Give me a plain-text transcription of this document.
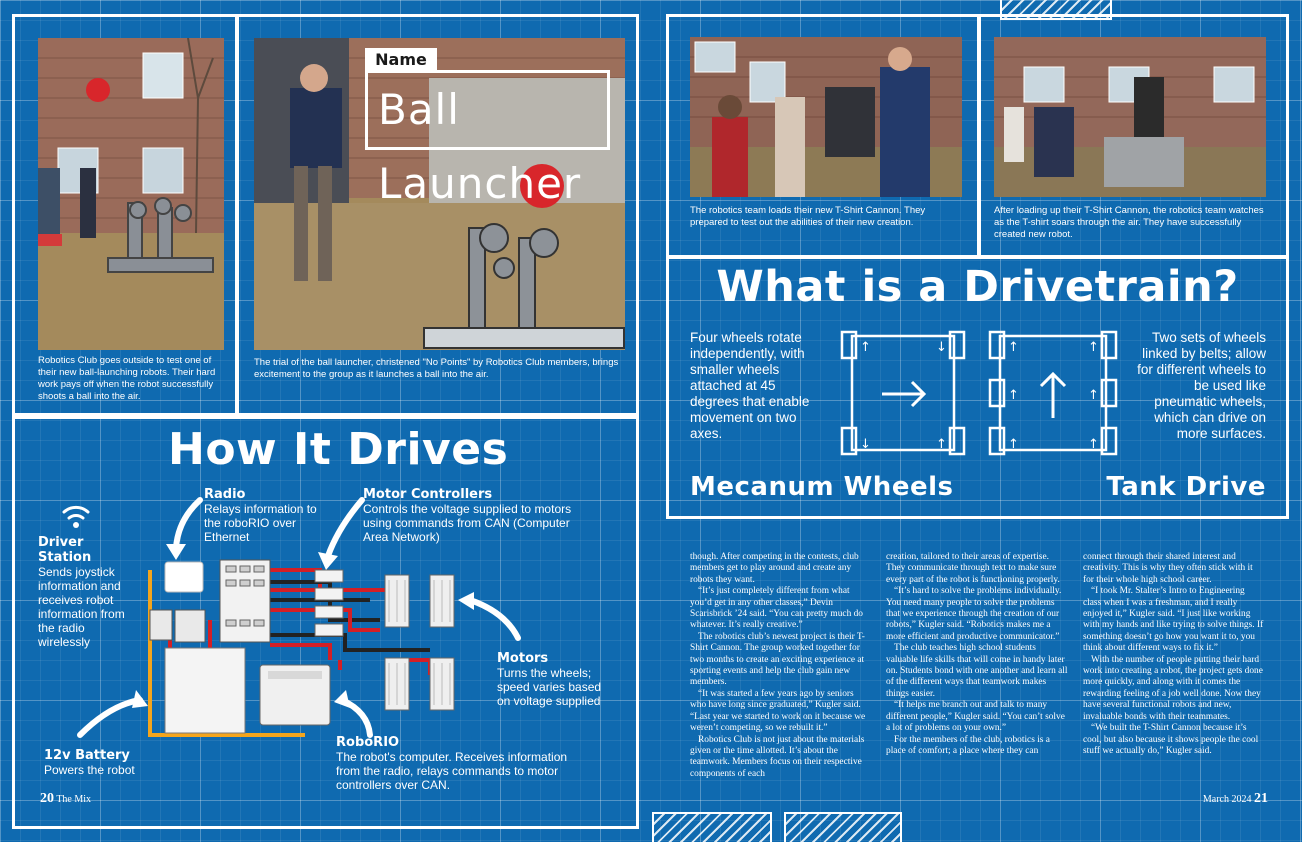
Robotics Club goes outside to test one of their new ball-launching robots. Their hard work pays off when the robot successfully shoots a ball into the air.
Name
Ball Launcher
The trial of the ball launcher, christened "No Points" by Robotics Club members, brings excitement to the group as it launches a ball into the air.
How It Drives
Radio
Relays information to the roboRIO over Ethernet
Motor Controllers
Controls the voltage supplied to motors using commands from CAN (Computer Area Network)
Driver Station
Sends joystick information and receives robot information from the radio wirelessly
Motors
Turns the wheels; speed varies based on voltage supplied
12v Battery
Powers the robot
RoboRIO
The robot's computer. Receives information from the radio, relays commands to motor controllers over CAN.
20 The Mix
The robotics team loads their new T-Shirt Cannon. They prepared to test out the abilities of their new creation.
After loading up their T-Shirt Cannon, the robotics team watches as the T-shirt soars through the air. They have successfully created new robot.
What is a Drivetrain?
Four wheels rotate independently, with smaller wheels attached at 45 degrees that enable movement on two axes.
Two sets of wheels linked by belts; allow for different wheels to be used like pneumatic wheels, which can drive on more surfaces.
↑	↓
↓	↑
↑	↑
↑	↑
↑	↑
Mecanum Wheels	Tank Drive

though. After competing in the contests, club members get to play around and create any robots they want.

“It’s just completely different from what you’d get in any other classes,” Devin Scarisbrick ’24 said. “You can pretty much do whatever. It’s really creative.”

The robotics club’s newest project is their T-Shirt Cannon. The group worked together for two months to create an exciting experience at sporting events and help the club gain new members.

“It was started a few years ago by seniors who have long since graduated,” Kugler said. “Last year we started to work on it because we weren’t competing, so we rebuilt it.”

Robotics Club is not just about the materials given or the time allotted. It’s about the teamwork. Members focus on their respective components of each

creation, tailored to their areas of expertise. They communicate through text to make sure every part of the robot is functioning properly.

“It’s hard to solve the problems individually. You need many people to solve the problems that we experience through the creation of our robots,” Kugler said. “Robotics makes me a more efficient and productive communicator.”

The club teaches high school students valuable life skills that will come in handy later on. Students bond with one another and learn all of the different ways that teamwork makes things easier.

“It helps me branch out and talk to many different people,” Kugler said. “You can’t solve a lot of problems on your own.”

For the members of the club, robotics is a place of comfort; a place where they can

connect through their shared interest and creativity. This is why they often stick with it for their whole high school career.

“I took Mr. Stalter’s Intro to Engineering class when I was a freshman, and I really enjoyed it,” Kugler said. “I just like working with my hands and like trying to solve things. If something doesn’t go how you want it to, you think about different ways to fix it.”

With the number of people putting their hard work into creating a robot, the project gets done more quickly, and along with it comes the rewarding feeling of a job well done. Now they have several functional robots and new, invaluable bonds with their teammates.

“We built the T-Shirt Cannon because it’s cool, but also because it shows people the cool stuff we actually do,” Kugler said.

March 2024 21
